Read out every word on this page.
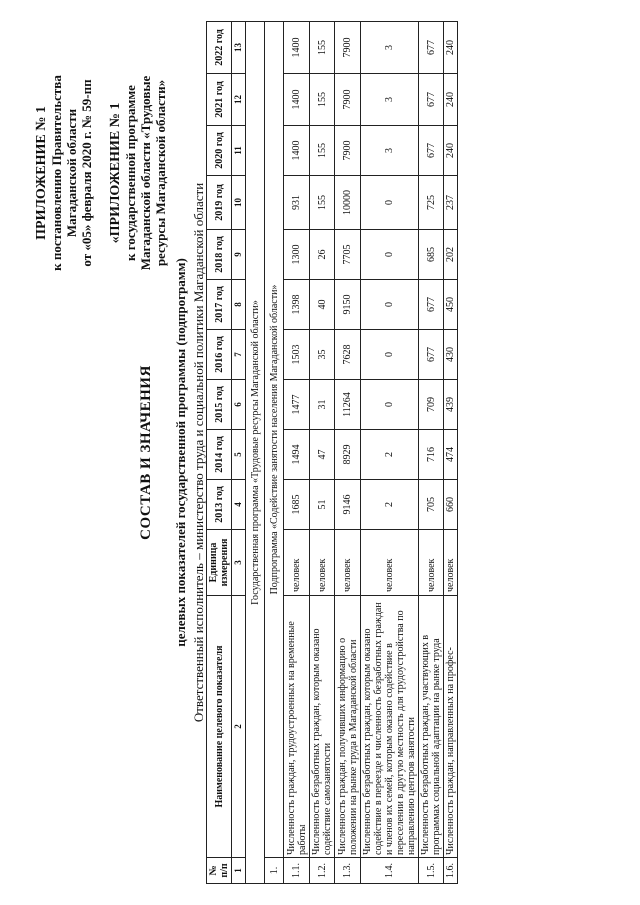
ПРИЛОЖЕНИЕ № 1 к постановлению Правительства Магаданской области от «05» февраля 2020 г. № 59-пп «ПРИЛОЖЕНИЕ № 1 к государственной программе Магаданской области «Трудовые ресурсы Магаданской области»
СОСТАВ И ЗНАЧЕНИЯ целевых показателей государственной программы (подпрограмм) Ответственный исполнитель – министерство труда и социальной политики Магаданской области
№ п/п	Наименование целевого показателя	Единица измерения	2013 год	2014 год	2015 год	2016 год	2017 год	2018 год	2019 год	2020 год	2021 год	2022 год
1	2	3	4	5	6	7	8	9	10	11	12	13
Государственная программа «Трудовые ресурсы Магаданской области»												
1.	Подпрограмма «Содействие занятости населения Магаданской области»											
1.1.	Численность граждан, трудоустроенных на временные работы	человек	1685	1494	1477	1503	1398	1300	931	1400	1400	1400
1.2.	Численность безработных граждан, которым оказано содействие самозанятости	человек	51	47	31	35	40	26	155	155	155	155
1.3.	Численность граждан, получивших информацию о положении на рынке труда в Магаданской области	человек	9146	8929	11264	7628	9150	7705	10000	7900	7900	7900
1.4.	Численность безработных граждан, которым оказано содействие в переезде и численность безработных граждан и членов их семей, которым оказано содействие в переселении в другую местность для трудоустройства по направлению центров занятости	человек	2	2	0	0	0	0	0	3	3	3
1.5.	Численность безработных граждан, участвующих в программах социальной адаптации на рынке труда	человек	705	716	709	677	677	685	725	677	677	677
1.6.	Численность граждан, направленных на профес-	человек	660	474	439	430	450	202	237	240	240	240
